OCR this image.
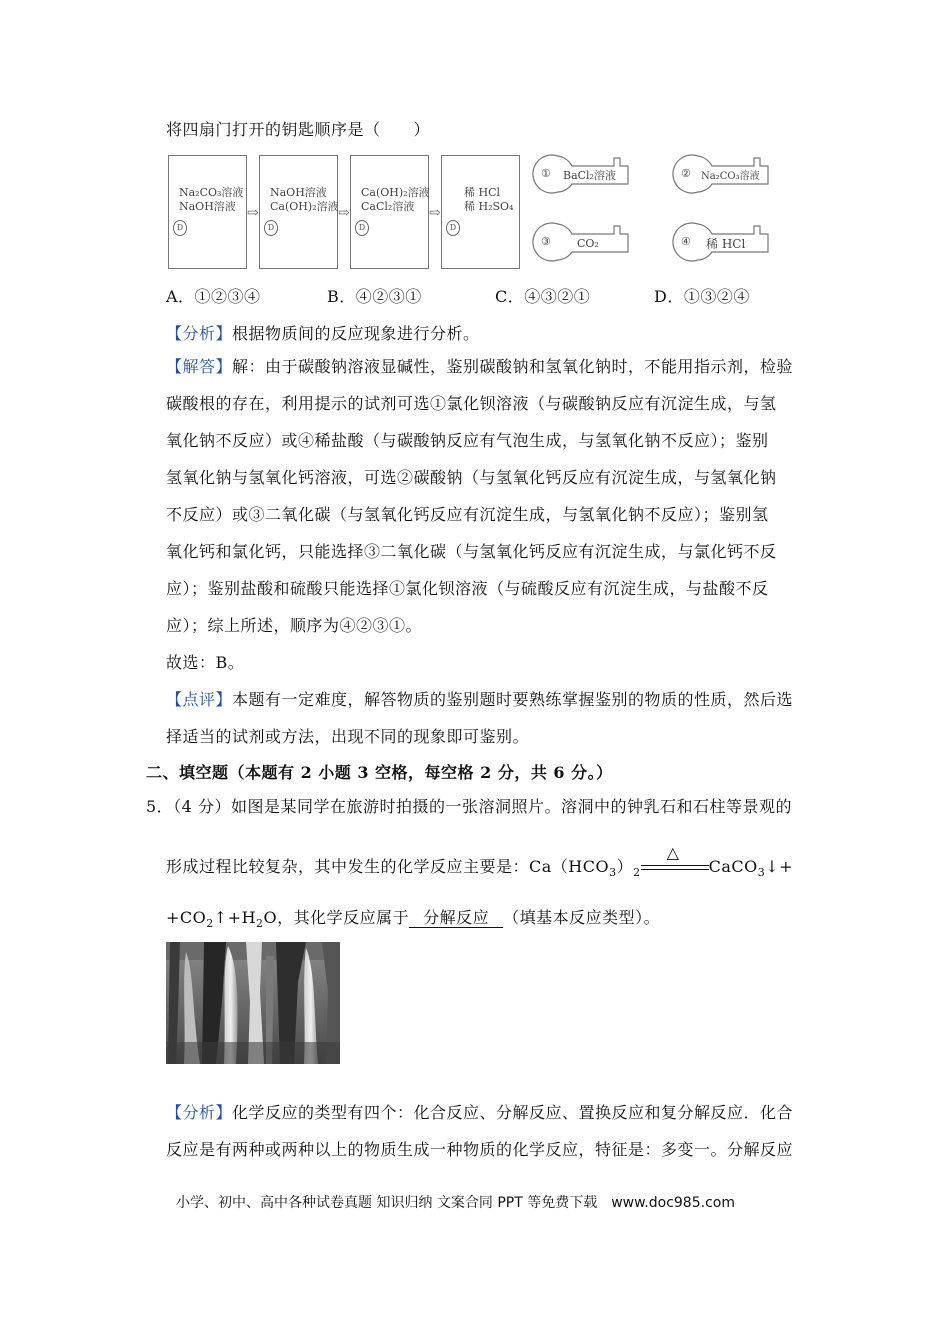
将四扇门打开的钥匙顺序是（　　）
Na₂CO₃溶液
NaOH溶液
D
⇨
NaOH溶液
Ca(OH)₂溶液
D
⇨
Ca(OH)₂溶液
CaCl₂溶液
D
⇨
稀 HCl
稀 H₂SO₄
D
① BaCl₂溶液	② Na₂CO₃溶液
③ CO₂	④ 稀 HCl
A．①②③④	B．④②③①	C．④③②①	D．①③②④
【分析】根据物质间的反应现象进行分析。
【解答】解：由于碳酸钠溶液显碱性，鉴别碳酸钠和氢氧化钠时，不能用指示剂，检验
碳酸根的存在，利用提示的试剂可选①氯化钡溶液（与碳酸钠反应有沉淀生成，与氢
氧化钠不反应）或④稀盐酸（与碳酸钠反应有气泡生成，与氢氧化钠不反应）；鉴别
氢氧化钠与氢氧化钙溶液，可选②碳酸钠（与氢氧化钙反应有沉淀生成，与氢氧化钠
不反应）或③二氧化碳（与氢氧化钙反应有沉淀生成，与氢氧化钠不反应）；鉴别氢
氧化钙和氯化钙，只能选择③二氧化碳（与氢氧化钙反应有沉淀生成，与氯化钙不反
应）；鉴别盐酸和硫酸只能选择①氯化钡溶液（与硫酸反应有沉淀生成，与盐酸不反
应）；综上所述，顺序为④②③①。
故选：B。
【点评】本题有一定难度，解答物质的鉴别题时要熟练掌握鉴别的物质的性质，然后选
择适当的试剂或方法，出现不同的现象即可鉴别。
二、填空题（本题有 2 小题 3 空格，每空格 2 分，共 6 分。）
5．（4 分）如图是某同学在旅游时拍摄的一张溶洞照片。溶洞中的钟乳石和石柱等景观的
形成过程比较复杂，其中发生的化学反应主要是：$Ca(HCO_3)_2$
△
CaCO$_3$↓+
$+CO_2↑+H_2O$，其化学反应属于 分解反应 （填基本反应类型）。
【分析】化学反应的类型有四个：化合反应、分解反应、置换反应和复分解反应．化合
反应是有两种或两种以上的物质生成一种物质的化学反应，特征是：多变一。分解反应
小学、初中、高中各种试卷真题 知识归纳 文案合同 PPT 等免费下载　www.doc985.com
